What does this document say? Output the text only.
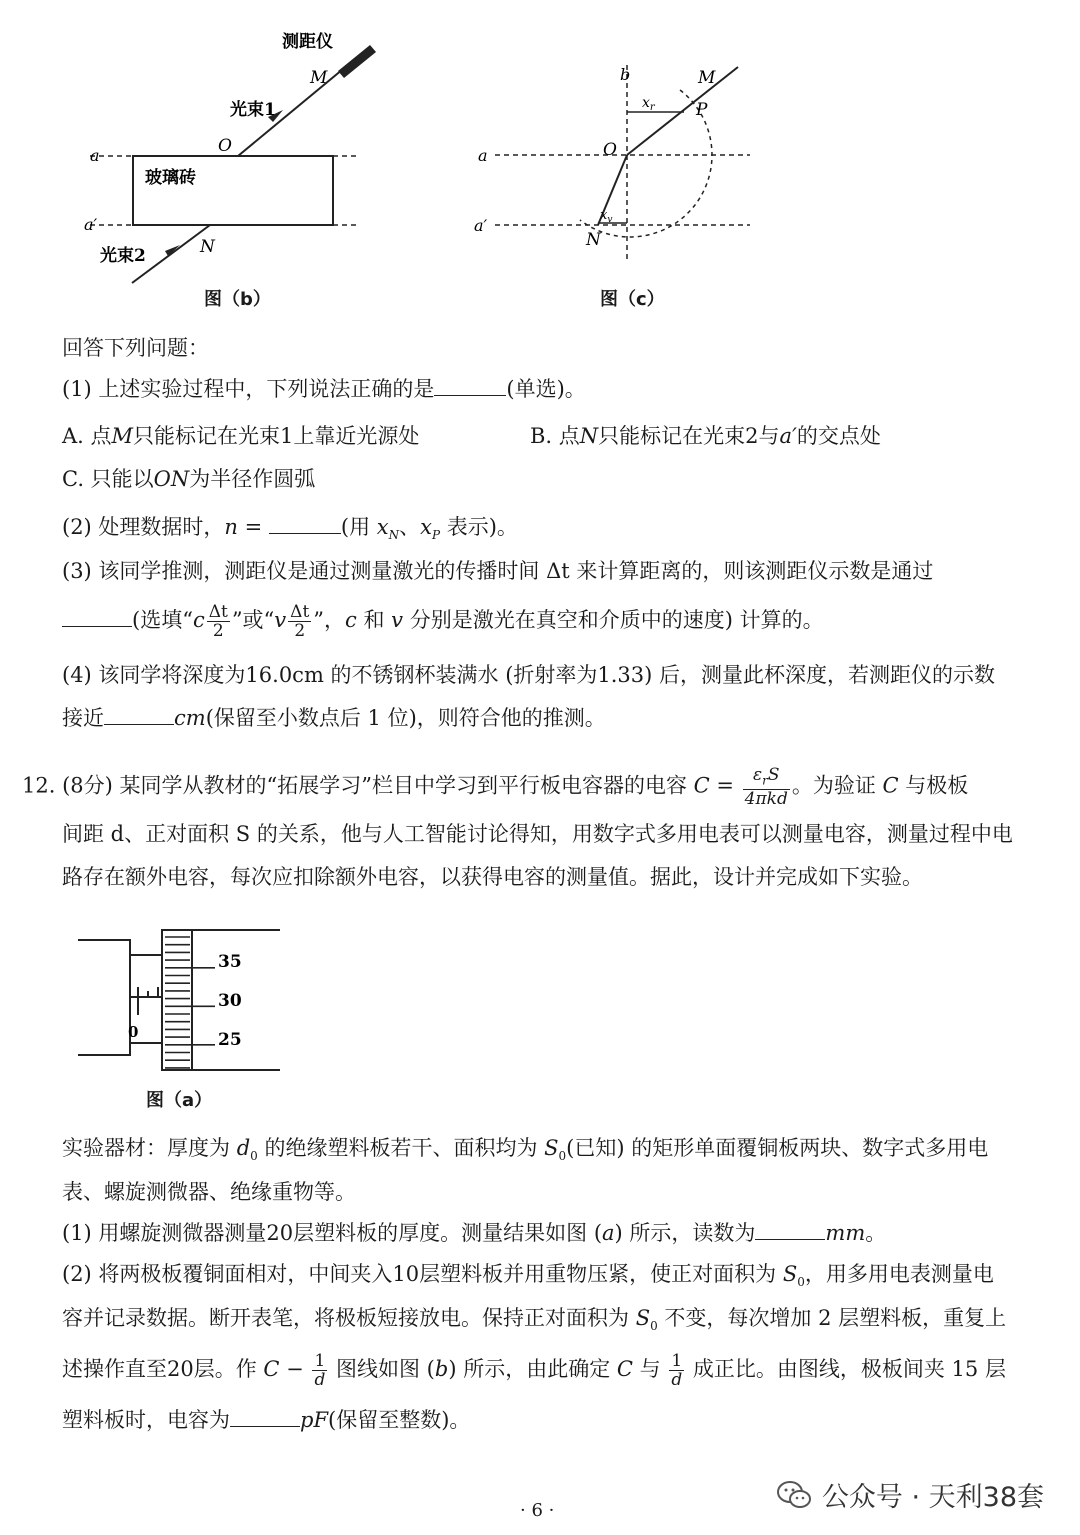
测距仪
M
光束1
O
a
a′
玻璃砖
N
光束2
图（b）
b	M
P
$x_r$
O
a
a′
$x_v$
N
图（c）
回答下列问题：
(1) 上述实验过程中，下列说法正确的是	(单选)。
A. 点M只能标记在光束1上靠近光源处	B. 点N只能标记在光束2与a′的交点处
C. 只能以ON为半径作圆弧
(2) 处理数据时，n =	(用 $x_N$、$x_P$ 表示)。
(3) 该同学推测，测距仪是通过测量激光的传播时间 Δt 来计算距离的，则该测距仪示数是通过
(选填“$c \frac{\Delta t}{2}$ ”或“$v \frac{\Delta t}{2}$ ”，c 和 v 分别是激光在真空和介质中的速度) 计算的。
(4) 该同学将深度为16.0cm 的不锈钢杯装满水 (折射率为1.33) 后，测量此杯深度，若测距仪的示数
接近	cm(保留至小数点后 1 位)，则符合他的推测。
12. (8分) 某同学从教材的“拓展学习”栏目中学习到平行板电容器的电容 $C = \frac{\varepsilon_rS}{\text{4πkd}}$ 。为验证 C 与极板
间距 d、正对面积 S 的关系，他与人工智能讨论得知，用数字式多用电表可以测量电容，测量过程中电
路存在额外电容，每次应扣除额外电容，以获得电容的测量值。据此，设计并完成如下实验。
0
35
30
25
图（a）
实验器材：厚度为 $d_0$ 的绝缘塑料板若干、面积均为 $S_0$(已知) 的矩形单面覆铜板两块、数字式多用电
表、螺旋测微器、绝缘重物等。
(1) 用螺旋测微器测量20层塑料板的厚度。测量结果如图 (a) 所示，读数为	mm。
(2) 将两极板覆铜面相对，中间夹入10层塑料板并用重物压紧，使正对面积为 $S_0$，用多用电表测量电
容并记录数据。断开表笔，将极板短接放电。保持正对面积为 $S_0$ 不变，每次增加 2 层塑料板，重复上
述操作直至20层。作 $C - \frac{1}{d}$ 图线如图 (b) 所示，由此确定 C 与 $\frac{1}{d}$ 成正比。由图线，极板间夹 15 层
塑料板时，电容为	pF(保留至整数)。
· 6 ·	公众号 · 天利38套
